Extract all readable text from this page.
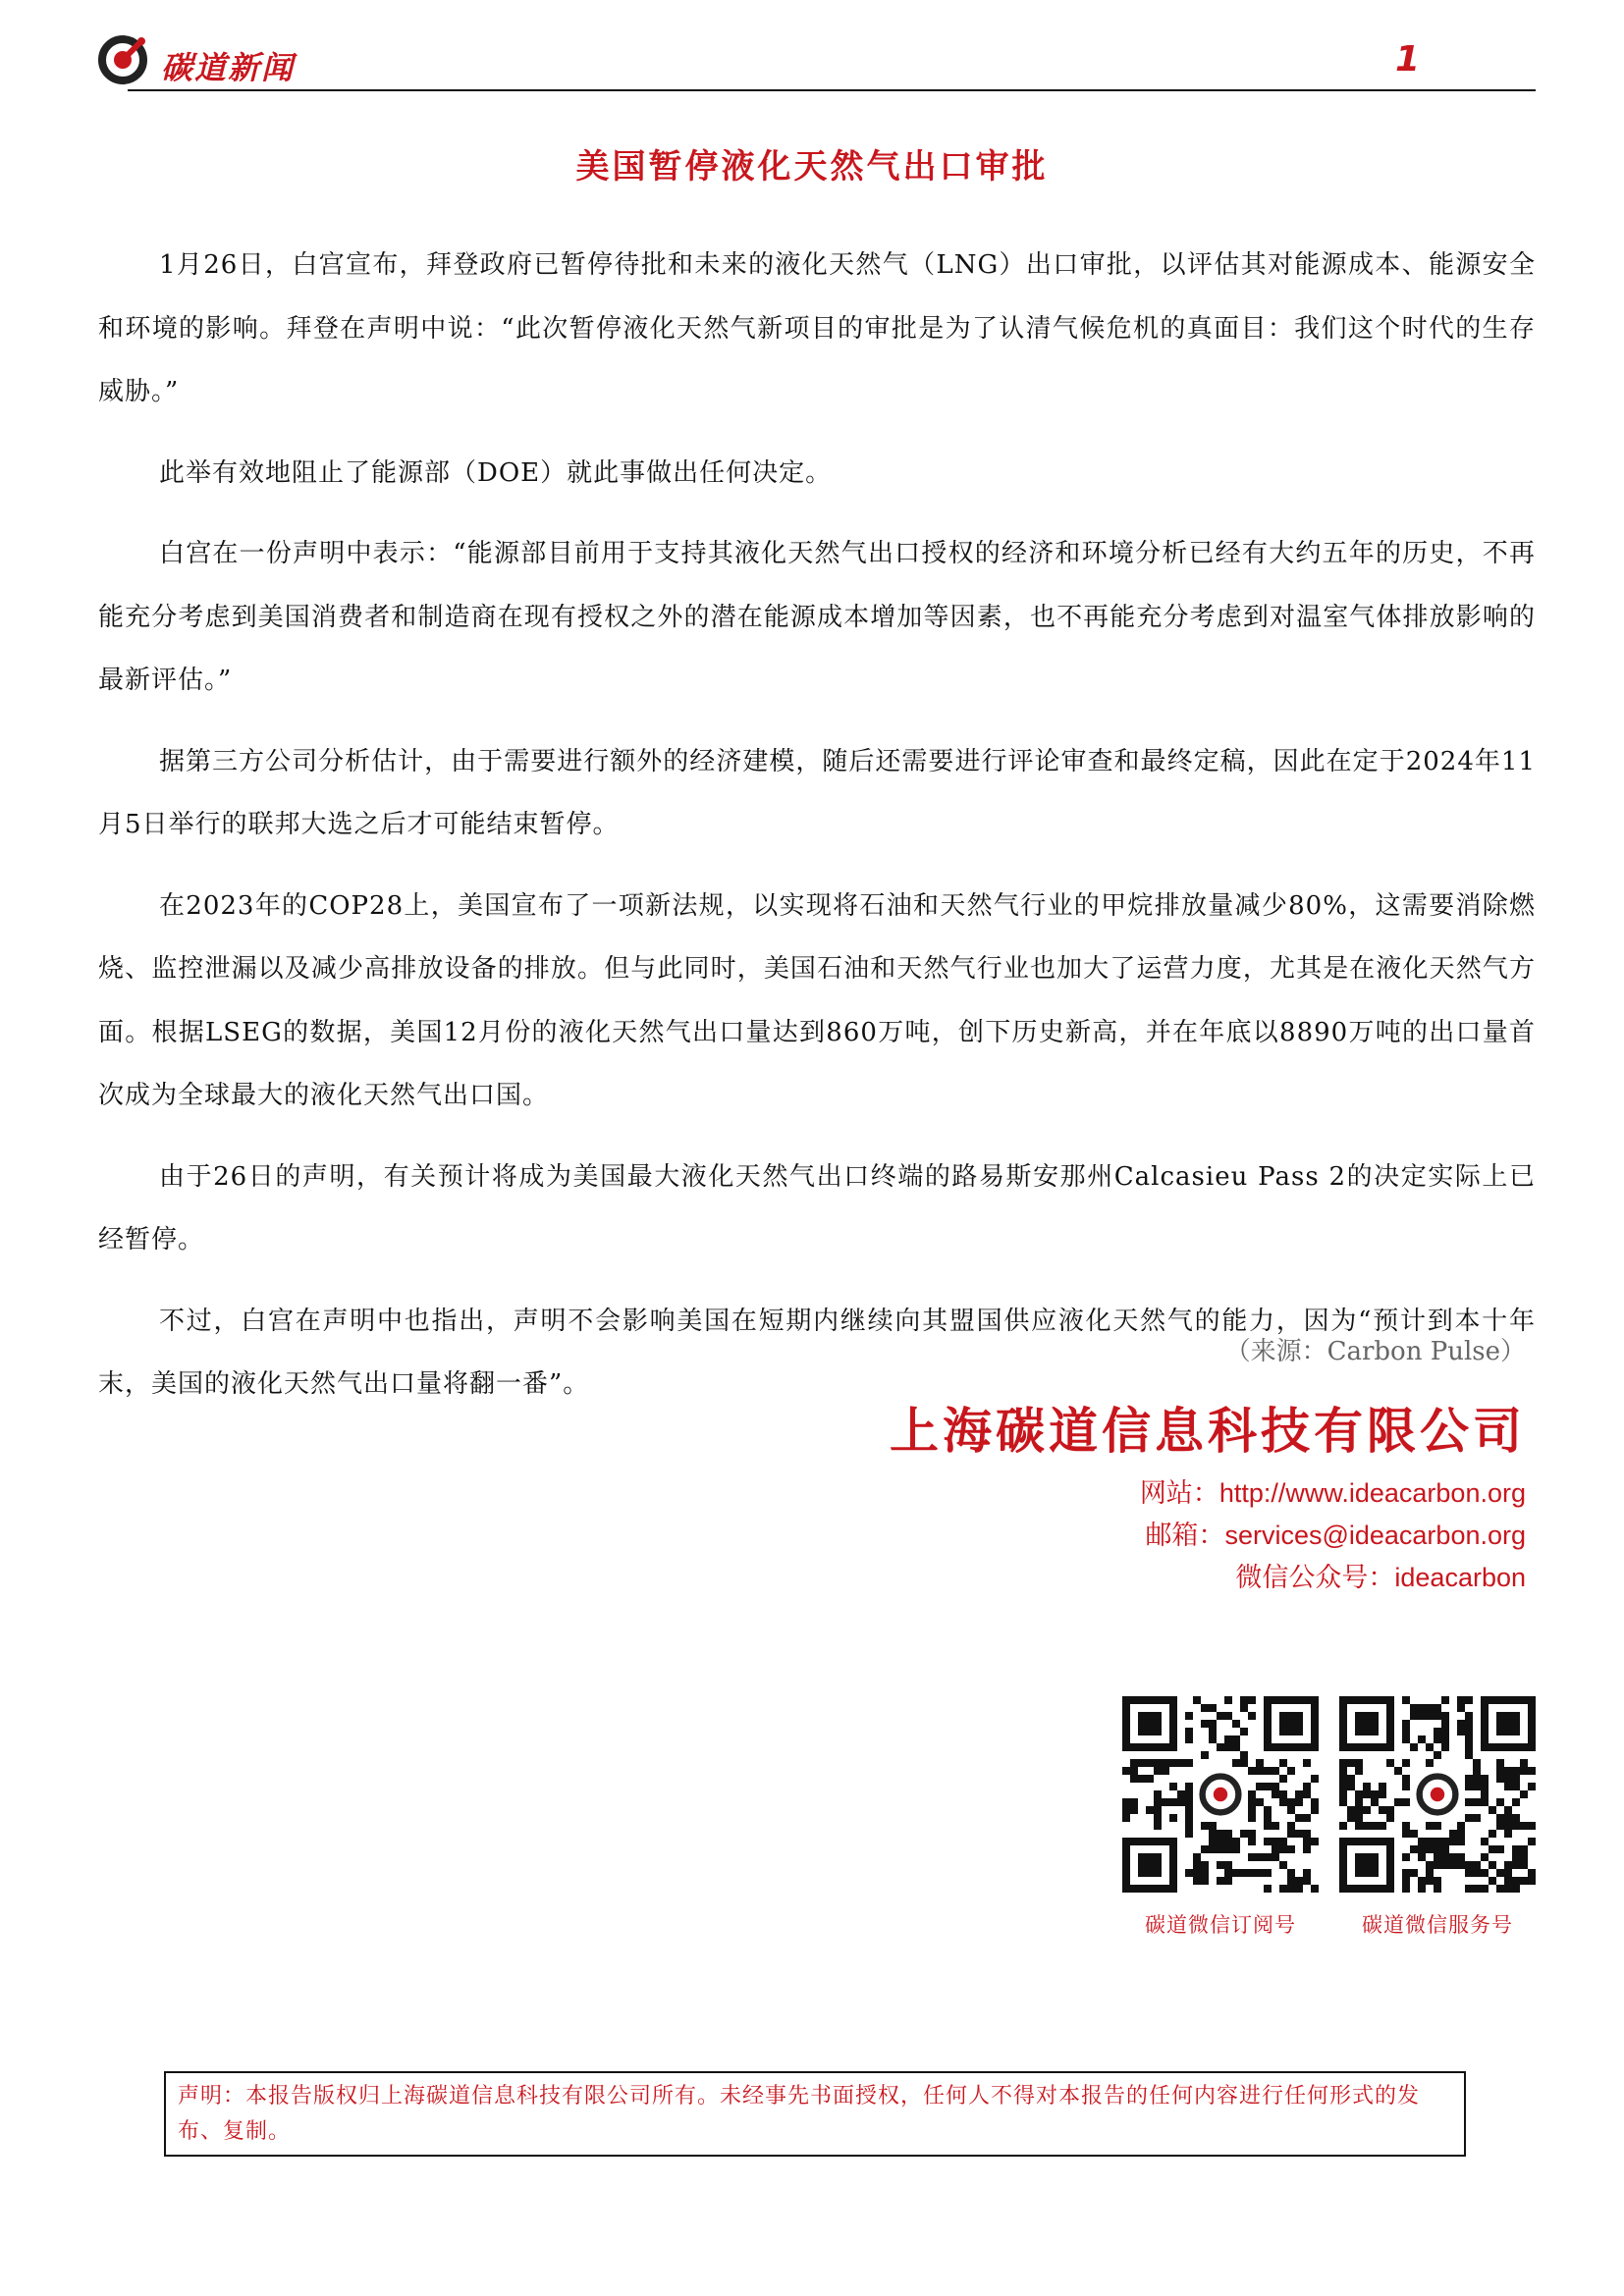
碳道新闻	1
美国暂停液化天然气出口审批

1月26日，白宫宣布，拜登政府已暂停待批和未来的液化天然气（LNG）出口审批，以评估其对能源成本、能源安全和环境的影响。拜登在声明中说：“此次暂停液化天然气新项目的审批是为了认清气候危机的真面目：我们这个时代的生存威胁。”

此举有效地阻止了能源部（DOE）就此事做出任何决定。

白宫在一份声明中表示：“能源部目前用于支持其液化天然气出口授权的经济和环境分析已经有大约五年的历史，不再能充分考虑到美国消费者和制造商在现有授权之外的潜在能源成本增加等因素，也不再能充分考虑到对温室气体排放影响的最新评估。”

据第三方公司分析估计，由于需要进行额外的经济建模，随后还需要进行评论审查和最终定稿，因此在定于2024年11月5日举行的联邦大选之后才可能结束暂停。

在2023年的COP28上，美国宣布了一项新法规，以实现将石油和天然气行业的甲烷排放量减少80%，这需要消除燃烧、监控泄漏以及减少高排放设备的排放。但与此同时，美国石油和天然气行业也加大了运营力度，尤其是在液化天然气方面。根据LSEG的数据，美国12月份的液化天然气出口量达到860万吨，创下历史新高，并在年底以8890万吨的出口量首次成为全球最大的液化天然气出口国。

由于26日的声明，有关预计将成为美国最大液化天然气出口终端的路易斯安那州Calcasieu Pass 2的决定实际上已经暂停。

不过，白宫在声明中也指出，声明不会影响美国在短期内继续向其盟国供应液化天然气的能力，因为“预计到本十年末，美国的液化天然气出口量将翻一番”。

（来源：Carbon Pulse）
上海碳道信息科技有限公司
网站：http://www.ideacarbon.org
邮箱：services@ideacarbon.org
微信公众号：ideacarbon
碳道微信订阅号	碳道微信服务号

声明：本报告版权归上海碳道信息科技有限公司所有。未经事先书面授权，任何人不得对本报告的任何内容进行任何形式的发布、复制。
